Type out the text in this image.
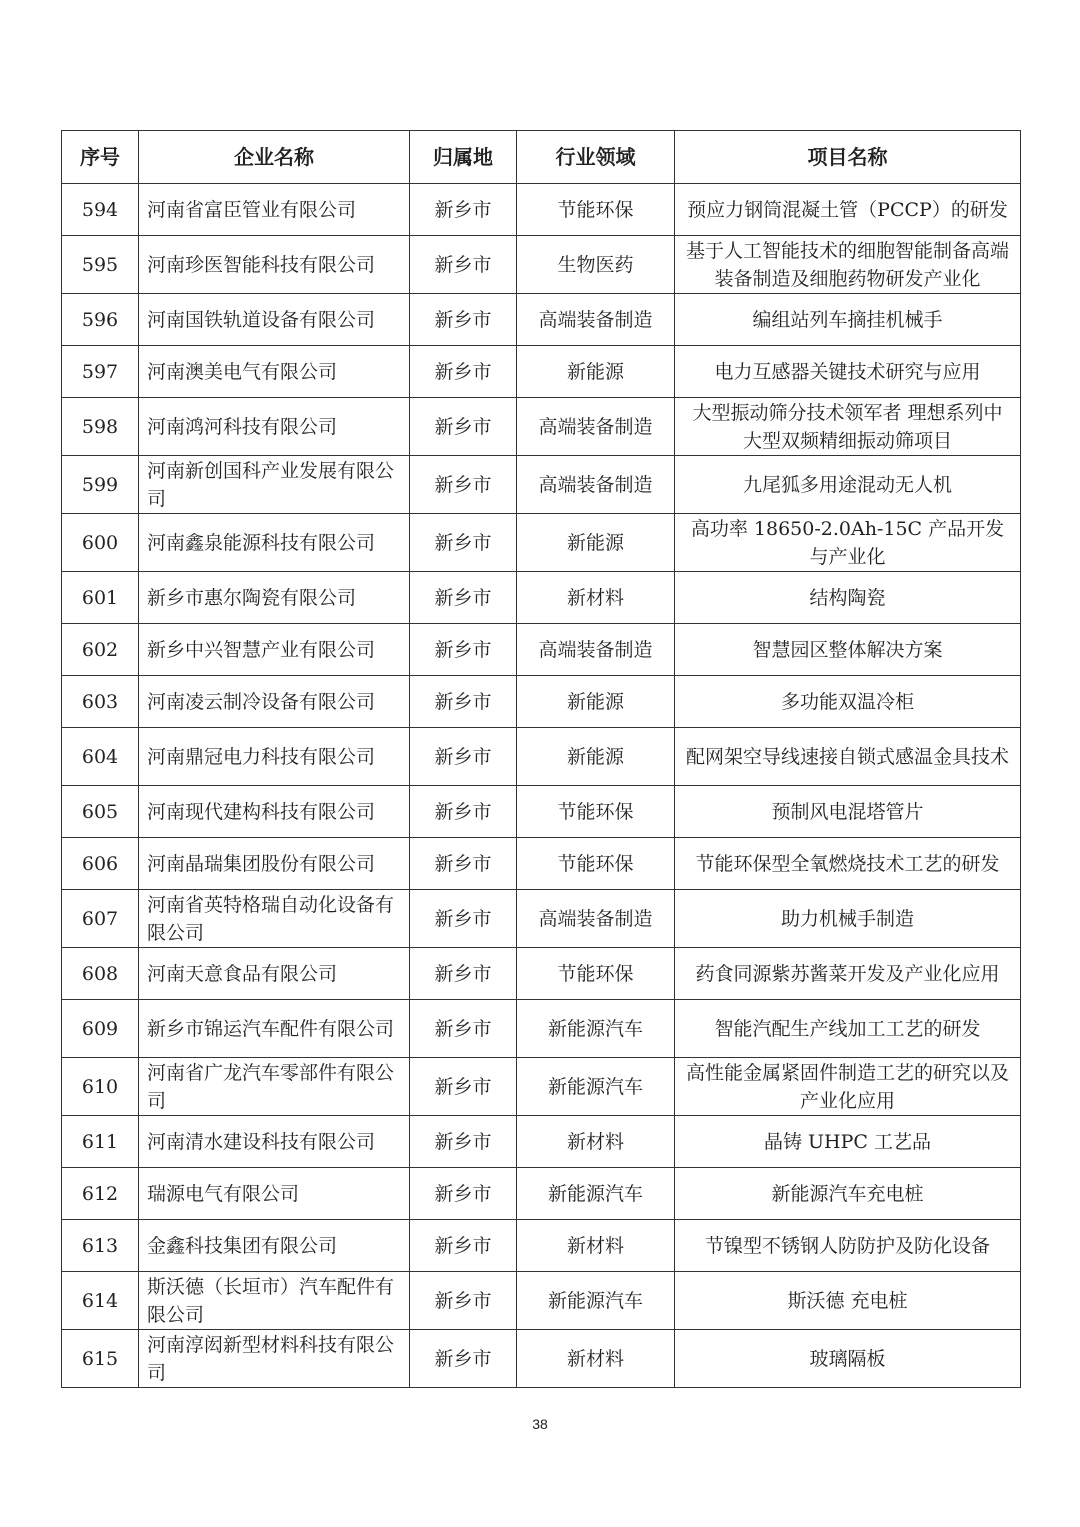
序号	企业名称	归属地	行业领域	项目名称
594	河南省富臣管业有限公司	新乡市	节能环保	预应力钢筒混凝土管（PCCP）的研发
595	河南珍医智能科技有限公司	新乡市	生物医药	基于人工智能技术的细胞智能制备高端装备制造及细胞药物研发产业化
596	河南国铁轨道设备有限公司	新乡市	高端装备制造	编组站列车摘挂机械手
597	河南澳美电气有限公司	新乡市	新能源	电力互感器关键技术研究与应用
598	河南鸿河科技有限公司	新乡市	高端装备制造	大型振动筛分技术领军者 理想系列中大型双频精细振动筛项目
599	河南新创国科产业发展有限公司	新乡市	高端装备制造	九尾狐多用途混动无人机
600	河南鑫泉能源科技有限公司	新乡市	新能源	高功率 18650-2.0Ah-15C 产品开发与产业化
601	新乡市惠尔陶瓷有限公司	新乡市	新材料	结构陶瓷
602	新乡中兴智慧产业有限公司	新乡市	高端装备制造	智慧园区整体解决方案
603	河南凌云制冷设备有限公司	新乡市	新能源	多功能双温冷柜
604	河南鼎冠电力科技有限公司	新乡市	新能源	配网架空导线速接自锁式感温金具技术
605	河南现代建构科技有限公司	新乡市	节能环保	预制风电混塔管片
606	河南晶瑞集团股份有限公司	新乡市	节能环保	节能环保型全氧燃烧技术工艺的研发
607	河南省英特格瑞自动化设备有限公司	新乡市	高端装备制造	助力机械手制造
608	河南天意食品有限公司	新乡市	节能环保	药食同源紫苏酱菜开发及产业化应用
609	新乡市锦运汽车配件有限公司	新乡市	新能源汽车	智能汽配生产线加工工艺的研发
610	河南省广龙汽车零部件有限公司	新乡市	新能源汽车	高性能金属紧固件制造工艺的研究以及产业化应用
611	河南清水建设科技有限公司	新乡市	新材料	晶铸 UHPC 工艺品
612	瑞源电气有限公司	新乡市	新能源汽车	新能源汽车充电桩
613	金鑫科技集团有限公司	新乡市	新材料	节镍型不锈钢人防防护及防化设备
614	斯沃德（长垣市）汽车配件有限公司	新乡市	新能源汽车	斯沃德 充电桩
615	河南淳闳新型材料科技有限公司	新乡市	新材料	玻璃隔板
38
